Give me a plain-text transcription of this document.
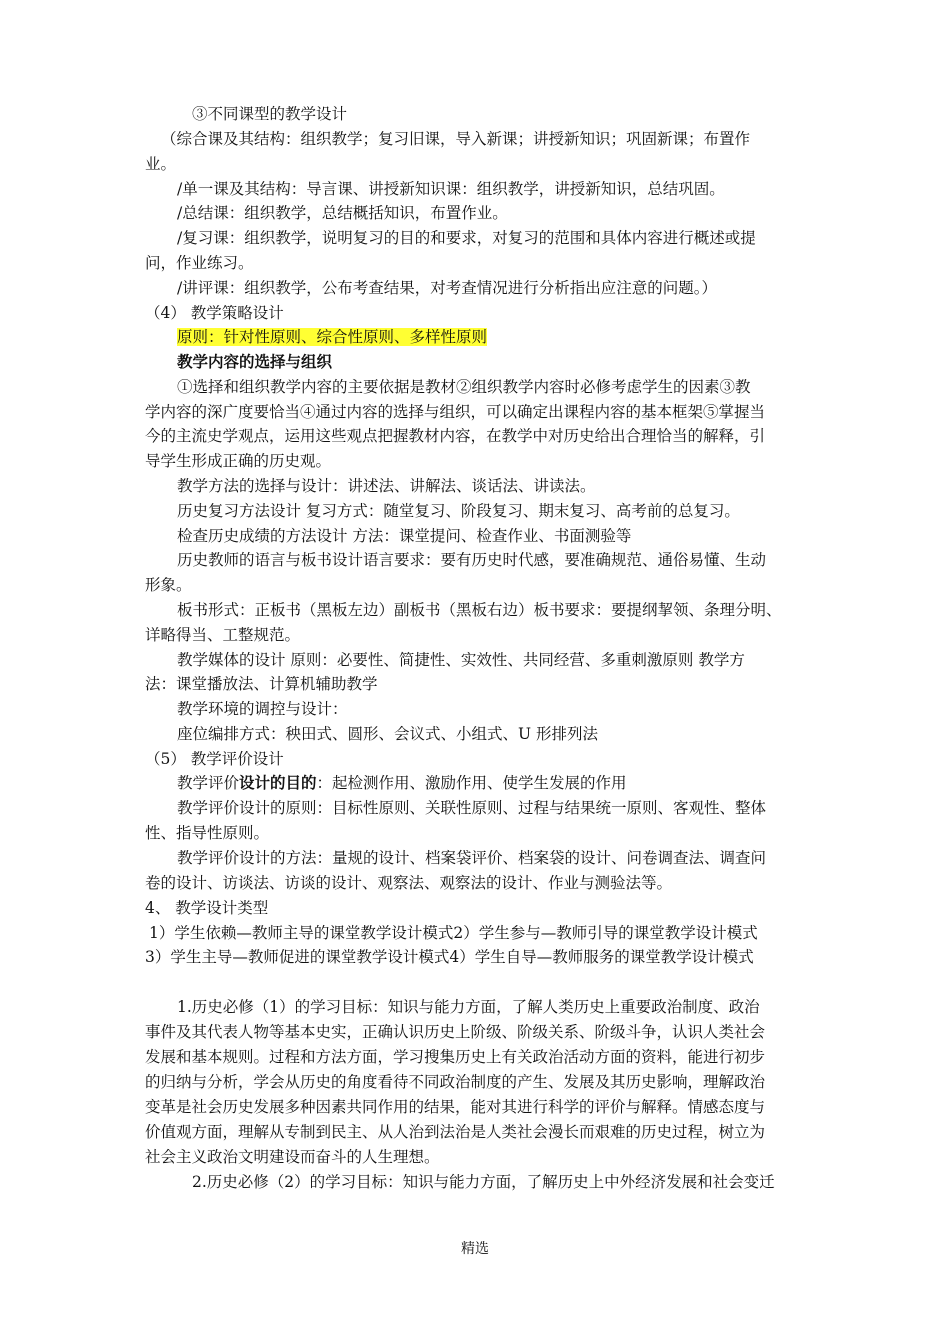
③不同课型的教学设计
（综合课及其结构：组织教学；复习旧课，导入新课；讲授新知识；巩固新课；布置作
业。
/单一课及其结构：导言课、讲授新知识课：组织教学，讲授新知识，总结巩固。
/总结课：组织教学，总结概括知识，布置作业。
/复习课：组织教学，说明复习的目的和要求，对复习的范围和具体内容进行概述或提
问，作业练习。
/讲评课：组织教学，公布考查结果，对考查情况进行分析指出应注意的问题。）
（4） 教学策略设计
原则：针对性原则、综合性原则、多样性原则
教学内容的选择与组织
①选择和组织教学内容的主要依据是教材②组织教学内容时必修考虑学生的因素③教
学内容的深广度要恰当④通过内容的选择与组织，可以确定出课程内容的基本框架⑤掌握当
今的主流史学观点，运用这些观点把握教材内容，在教学中对历史给出合理恰当的解释，引
导学生形成正确的历史观。
教学方法的选择与设计：讲述法、讲解法、谈话法、讲读法。
历史复习方法设计 复习方式：随堂复习、阶段复习、期末复习、高考前的总复习。
检查历史成绩的方法设计 方法：课堂提问、检查作业、书面测验等
历史教师的语言与板书设计语言要求：要有历史时代感，要准确规范、通俗易懂、生动
形象。
板书形式：正板书（黑板左边）副板书（黑板右边）板书要求：要提纲挈领、条理分明、
详略得当、工整规范。
教学媒体的设计 原则：必要性、简捷性、实效性、共同经营、多重刺激原则 教学方
法：课堂播放法、计算机辅助教学
教学环境的调控与设计：
座位编排方式：秧田式、圆形、会议式、小组式、U 形排列法
（5） 教学评价设计
教学评价设计的目的：起检测作用、激励作用、使学生发展的作用
教学评价设计的原则：目标性原则、关联性原则、过程与结果统一原则、客观性、整体
性、指导性原则。
教学评价设计的方法：量规的设计、档案袋评价、档案袋的设计、问卷调查法、调查问
卷的设计、访谈法、访谈的设计、观察法、观察法的设计、作业与测验法等。
4、 教学设计类型
1）学生依赖—教师主导的课堂教学设计模式2）学生参与—教师引导的课堂教学设计模式
3）学生主导—教师促进的课堂教学设计模式4）学生自导—教师服务的课堂教学设计模式
1.历史必修（1）的学习目标：知识与能力方面，了解人类历史上重要政治制度、政治
事件及其代表人物等基本史实，正确认识历史上阶级、阶级关系、阶级斗争，认识人类社会
发展和基本规则。过程和方法方面，学习搜集历史上有关政治活动方面的资料，能进行初步
的归纳与分析，学会从历史的角度看待不同政治制度的产生、发展及其历史影响，理解政治
变革是社会历史发展多种因素共同作用的结果，能对其进行科学的评价与解释。情感态度与
价值观方面，理解从专制到民主、从人治到法治是人类社会漫长而艰难的历史过程，树立为
社会主义政治文明建设而奋斗的人生理想。
2.历史必修（2）的学习目标：知识与能力方面，了解历史上中外经济发展和社会变迁
精选
